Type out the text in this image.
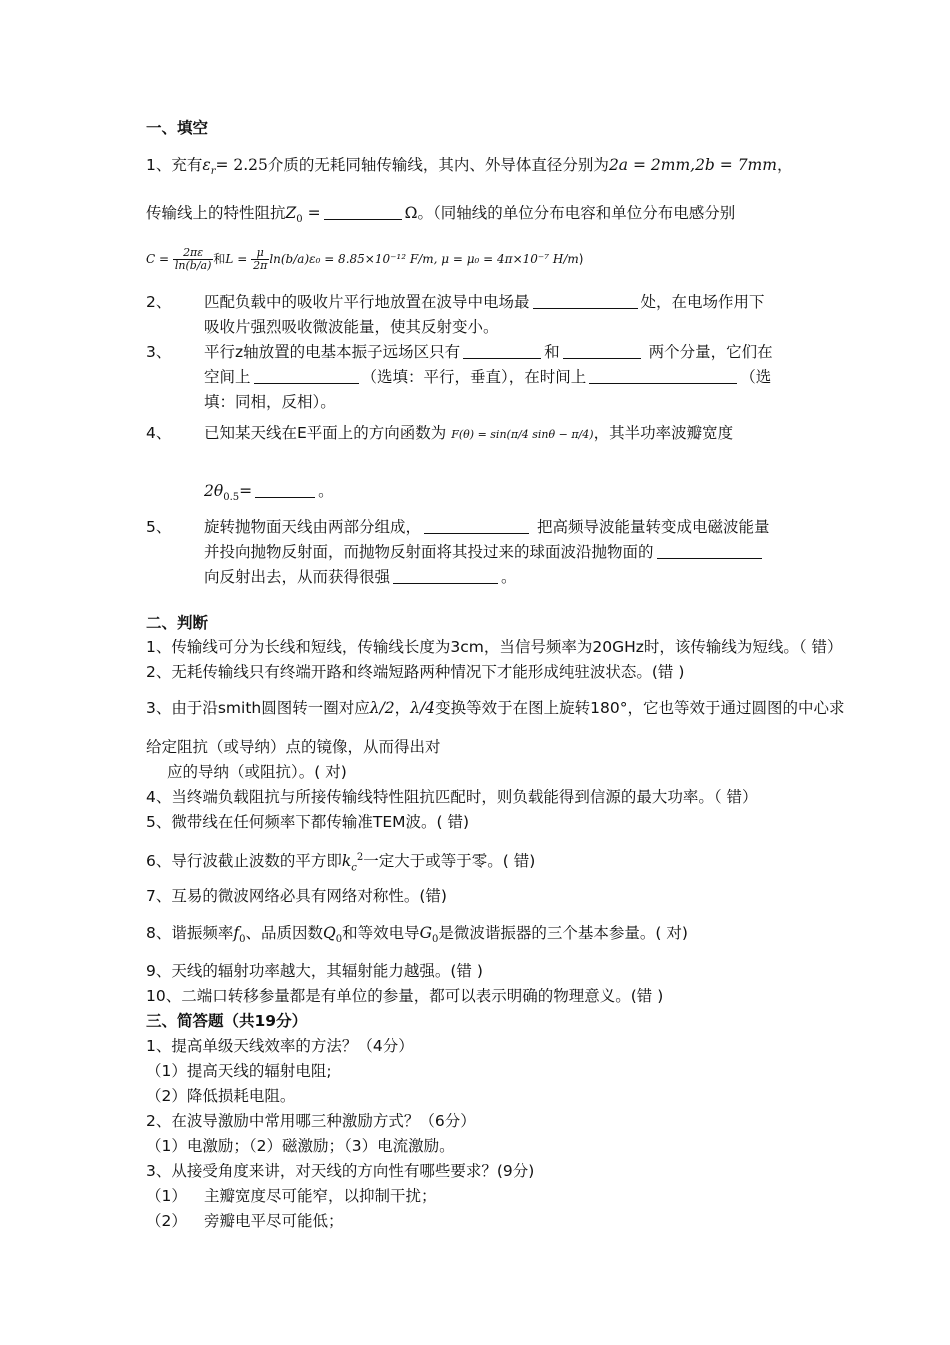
一、填空
1、充有$\varepsilon_r= 2.25$介质的无耗同轴传输线，其内、外导体直径分别为2a = 2mm,2b = 7mm，
传输线上的特性阻抗$Z_0$ =	Ω。（同轴线的单位分布电容和单位分布电感分别
$C = \frac{2\pi\varepsilon}{\ln(b/a)}$ 和$L = \frac{\mu}{2\pi} \ln(b/a)\varepsilon_0 = 8.85\times 10^{-12}$ F/m, μ = μ₀ = 4π×10⁻⁷ H/m)
2、 匹配负载中的吸收片平行地放置在波导中电场最	处，在电场作用下
吸收片强烈吸收微波能量，使其反射变小。
3、 平行z轴放置的电基本振子远场区只有	和	两个分量，它们在
空间上	（选填：平行，垂直），在时间上	（选
填：同相，反相）。
4、 已知某天线在E平面上的方向函数为 F(θ) = sin(π/4 sinθ − π/4)，其半功率波瓣宽度
$2\theta_{0.5}=$	。
5、 旋转抛物面天线由两部分组成，	把高频导波能量转变成电磁波能量
并投向抛物反射面，而抛物反射面将其投过来的球面波沿抛物面的
向反射出去，从而获得很强	。
二、判断
1、传输线可分为长线和短线，传输线长度为3cm，当信号频率为20GHz时，该传输线为短线。（ 错）
2、无耗传输线只有终端开路和终端短路两种情况下才能形成纯驻波状态。(错 )
3、由于沿smith圆图转一圈对应λ/2，λ/4变换等效于在图上旋转180°，它也等效于通过圆图的中心求
给定阻抗（或导纳）点的镜像，从而得出对
应的导纳（或阻抗）。( 对)
4、当终端负载阻抗与所接传输线特性阻抗匹配时，则负载能得到信源的最大功率。（ 错）
5、微带线在任何频率下都传输准TEM波。( 错)
6、导行波截止波数的平方即$k_c^2$一定大于或等于零。( 错)
7、互易的微波网络必具有网络对称性。(错)
8、谐振频率$f_0$、品质因数$Q_0$和等效电导$G_0$是微波谐振器的三个基本参量。( 对)
9、天线的辐射功率越大，其辐射能力越强。(错 )
10、二端口转移参量都是有单位的参量，都可以表示明确的物理意义。(错 )
三、简答题（共19分）
1、提高单级天线效率的方法？（4分）
（1）提高天线的辐射电阻;
（2）降低损耗电阻。
2、在波导激励中常用哪三种激励方式？（6分）
（1）电激励；（2）磁激励；（3）电流激励。
3、从接受角度来讲，对天线的方向性有哪些要求？(9分)
（1） 主瓣宽度尽可能窄，以抑制干扰；
（2） 旁瓣电平尽可能低；
